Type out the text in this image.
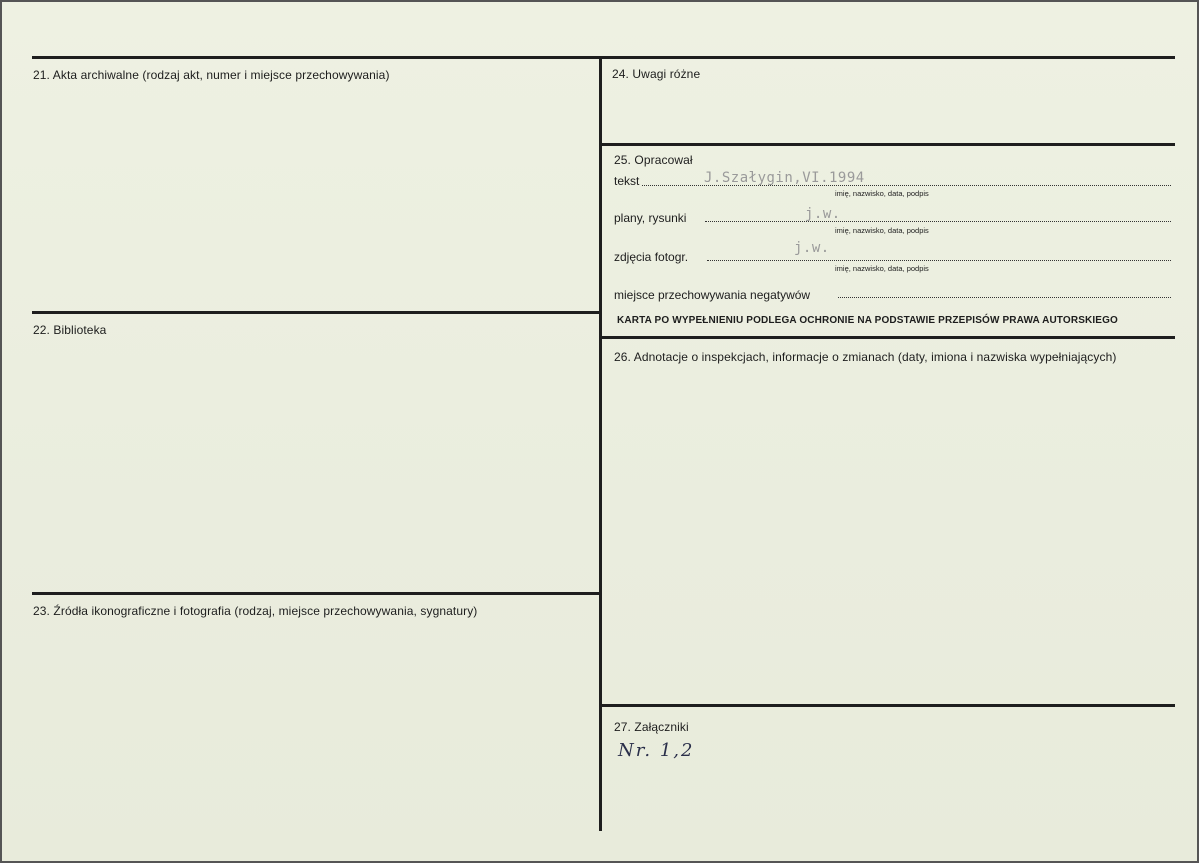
21. Akta archiwalne (rodzaj akt, numer i miejsce przechowywania)
22. Biblioteka
23. Źródła ikonograficzne i fotografia (rodzaj, miejsce przechowywania, sygnatury)
24. Uwagi różne
25. Opracował
tekst	J.Szałygin,VI.1994
imię, nazwisko, data, podpis
plany, rysunki	j.w.
imię, nazwisko, data, podpis
zdjęcia fotogr.
j.w.
imię, nazwisko, data, podpis
miejsce przechowywania negatywów
KARTA PO WYPEŁNIENIU PODLEGA OCHRONIE NA PODSTAWIE PRZEPISÓW PRAWA AUTORSKIEGO
26. Adnotacje o inspekcjach, informacje o zmianach (daty, imiona i nazwiska wypełniających)
27. Załączniki
Nr. 1,2
